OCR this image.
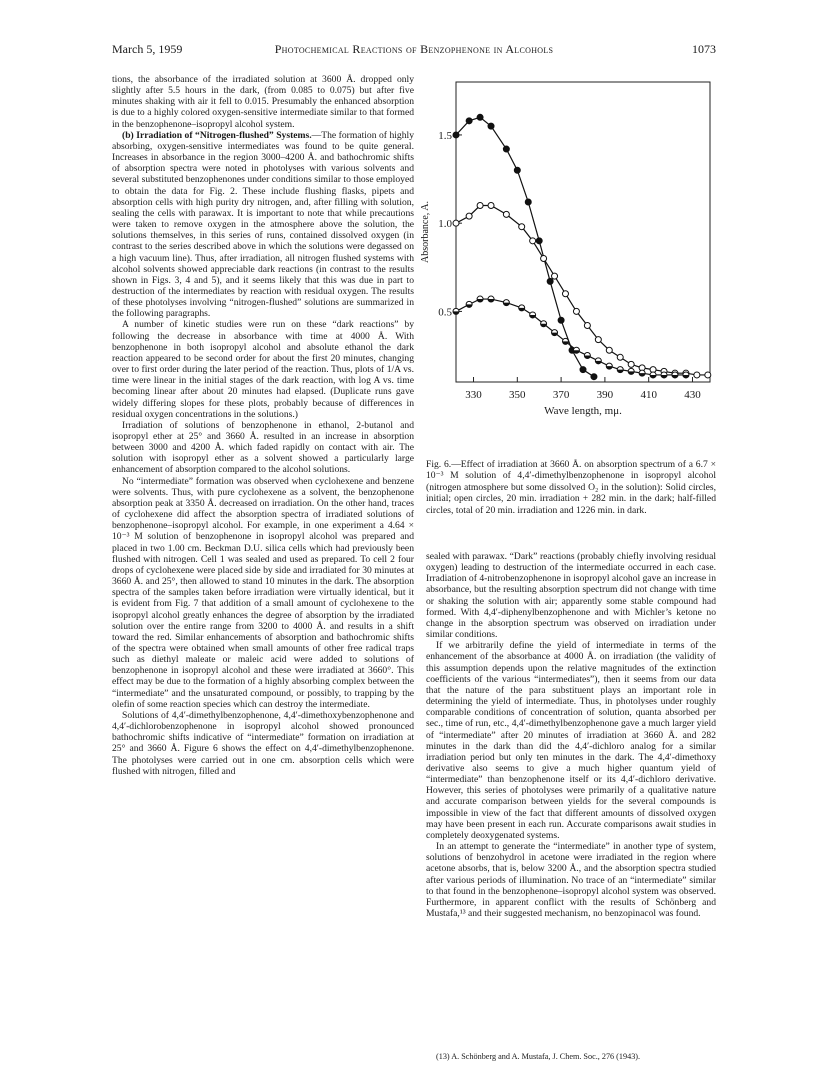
March 5, 1959	Photochemical Reactions of Benzophenone in Alcohols	1073

tions, the absorbance of the irradiated solution at 3600 Å. dropped only slightly after 5.5 hours in the dark, (from 0.085 to 0.075) but after five minutes shaking with air it fell to 0.015. Presumably the enhanced absorption is due to a highly colored oxygen-sensitive intermediate similar to that formed in the benzophenone–isopropyl alcohol system.

(b) Irradiation of “Nitrogen-flushed” Systems.—The formation of highly absorbing, oxygen-sensitive intermediates was found to be quite general. Increases in absorbance in the region 3000–4200 Å. and bathochromic shifts of absorption spectra were noted in photolyses with various solvents and several substituted benzophenones under conditions similar to those employed to obtain the data for Fig. 2. These include flushing flasks, pipets and absorption cells with high purity dry nitrogen, and, after filling with solution, sealing the cells with parawax. It is important to note that while precautions were taken to remove oxygen in the atmosphere above the solution, the solutions themselves, in this series of runs, contained dissolved oxygen (in contrast to the series described above in which the solutions were degassed on a high vacuum line). Thus, after irradiation, all nitrogen flushed systems with alcohol solvents showed appreciable dark reactions (in contrast to the results shown in Figs. 3, 4 and 5), and it seems likely that this was due in part to destruction of the intermediates by reaction with residual oxygen. The results of these photolyses involving “nitrogen-flushed” solutions are summarized in the following paragraphs.

A number of kinetic studies were run on these “dark reactions” by following the decrease in absorbance with time at 4000 Å. With benzophenone in both isopropyl alcohol and absolute ethanol the dark reaction appeared to be second order for about the first 20 minutes, changing over to first order during the later period of the reaction. Thus, plots of 1/A vs. time were linear in the initial stages of the dark reaction, with log A vs. time becoming linear after about 20 minutes had elapsed. (Duplicate runs gave widely differing slopes for these plots, probably because of differences in residual oxygen concentrations in the solutions.)

Irradiation of solutions of benzophenone in ethanol, 2-butanol and isopropyl ether at 25° and 3660 Å. resulted in an increase in absorption between 3000 and 4200 Å. which faded rapidly on contact with air. The solution with isopropyl ether as a solvent showed a particularly large enhancement of absorption compared to the alcohol solutions.

No “intermediate” formation was observed when cyclohexene and benzene were solvents. Thus, with pure cyclohexene as a solvent, the benzophenone absorption peak at 3350 Å. decreased on irradiation. On the other hand, traces of cyclohexene did affect the absorption spectra of irradiated solutions of benzophenone–isopropyl alcohol. For example, in one experiment a 4.64 × 10⁻³ M solution of benzophenone in isopropyl alcohol was prepared and placed in two 1.00 cm. Beckman D.U. silica cells which had previously been flushed with nitrogen. Cell 1 was sealed and used as prepared. To cell 2 four drops of cyclohexene were placed side by side and irradiated for 30 minutes at 3660 Å. and 25°, then allowed to stand 10 minutes in the dark. The absorption spectra of the samples taken before irradiation were virtually identical, but it is evident from Fig. 7 that addition of a small amount of cyclohexene to the isopropyl alcohol greatly enhances the degree of absorption by the irradiated solution over the entire range from 3200 to 4000 Å. and results in a shift toward the red. Similar enhancements of absorption and bathochromic shifts of the spectra were obtained when small amounts of other free radical traps such as diethyl maleate or maleic acid were added to solutions of benzophenone in isopropyl alcohol and these were irradiated at 3660°. This effect may be due to the formation of a highly absorbing complex between the “intermediate” and the unsaturated compound, or possibly, to trapping by the olefin of some reaction species which can destroy the intermediate.

Solutions of 4,4′-dimethylbenzophenone, 4,4′-dimethoxybenzophenone and 4,4′-dichlorobenzophenone in isopropyl alcohol showed pronounced bathochromic shifts indicative of “intermediate” formation on irradiation at 25° and 3660 Å. Figure 6 shows the effect on 4,4′-dimethylbenzophenone. The photolyses were carried out in one cm. absorption cells which were flushed with nitrogen, filled and

330 350 370 390 410 430
0.5
1.0
1.5
Wave length, mμ.
Absorbance, A.
Fig. 6.—Effect of irradiation at 3660 Å. on absorption spectrum of a 6.7 × 10⁻³ M solution of 4,4′-dimethylbenzophenone in isopropyl alcohol (nitrogen atmosphere but some dissolved O₂ in the solution): Solid circles, initial; open circles, 20 min. irradiation + 282 min. in the dark; half-filled circles, total of 20 min. irradiation and 1226 min. in dark.

sealed with parawax. “Dark” reactions (probably chiefly involving residual oxygen) leading to destruction of the intermediate occurred in each case. Irradiation of 4-nitrobenzophenone in isopropyl alcohol gave an increase in absorbance, but the resulting absorption spectrum did not change with time or shaking the solution with air; apparently some stable compound had formed. With 4,4′-diphenylbenzophenone and with Michler’s ketone no change in the absorption spectrum was observed on irradiation under similar conditions.

If we arbitrarily define the yield of intermediate in terms of the enhancement of the absorbance at 4000 Å. on irradiation (the validity of this assumption depends upon the relative magnitudes of the extinction coefficients of the various “intermediates”), then it seems from our data that the nature of the para substituent plays an important role in determining the yield of intermediate. Thus, in photolyses under roughly comparable conditions of concentration of solution, quanta absorbed per sec., time of run, etc., 4,4′-dimethylbenzophenone gave a much larger yield of “intermediate” after 20 minutes of irradiation at 3660 Å. and 282 minutes in the dark than did the 4,4′-dichloro analog for a similar irradiation period but only ten minutes in the dark. The 4,4′-dimethoxy derivative also seems to give a much higher quantum yield of “intermediate” than benzophenone itself or its 4,4′-dichloro derivative. However, this series of photolyses were primarily of a qualitative nature and accurate comparison between yields for the several compounds is impossible in view of the fact that different amounts of dissolved oxygen may have been present in each run. Accurate comparisons await studies in completely deoxygenated systems.

In an attempt to generate the “intermediate” in another type of system, solutions of benzohydrol in acetone were irradiated in the region where acetone absorbs, that is, below 3200 Å., and the absorption spectra studied after various periods of illumination. No trace of an “intermediate” similar to that found in the benzophenone–isopropyl alcohol system was observed. Furthermore, in apparent conflict with the results of Schönberg and Mustafa,¹³ and their suggested mechanism, no benzopinacol was found.

(13) A. Schönberg and A. Mustafa, J. Chem. Soc., 276 (1943).
